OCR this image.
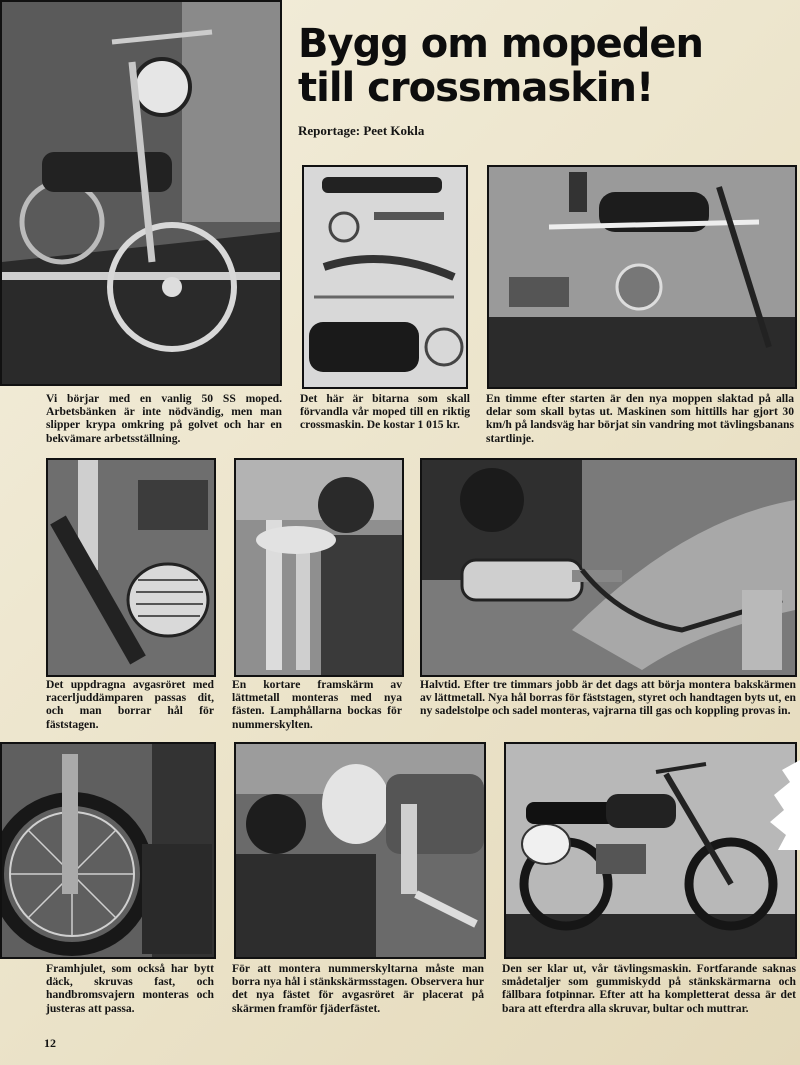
Bygg om mopeden
till crossmaskin!
Reportage: Peet Kokla

Vi börjar med en vanlig 50 SS moped. Arbetsbänken är inte nödvändig, men man slipper krypa omkring på golvet och har en bekvämare arbetsställning.

Det här är bitarna som skall förvandla vår moped till en riktig crossmaskin. De kostar 1 015 kr.

En timme efter starten är den nya moppen slaktad på alla delar som skall bytas ut. Maskinen som hittills har gjort 30 km/h på landsväg har börjat sin vandring mot tävlingsbanans startlinje.

Det uppdragna avgasröret med racerljuddämparen passas dit, och man borrar hål för fäststagen.

En kortare framskärm av lättmetall monteras med nya fästen. Lamphållarna bockas för nummerskylten.

Halvtid. Efter tre timmars jobb är det dags att börja montera bakskärmen av lättmetall. Nya hål borras för fäststagen, styret och handtagen byts ut, en ny sadelstolpe och sadel monteras, vajrarna till gas och koppling provas in.

Framhjulet, som också har bytt däck, skruvas fast, och handbromsvajern monteras och justeras att passa.

För att montera nummerskyltarna måste man borra nya hål i stänkskärmsstagen. Observera hur det nya fästet för avgasröret är placerat på skärmen framför fjäderfästet.

Den ser klar ut, vår tävlingsmaskin. Fortfarande saknas smådetaljer som gummiskydd på stänkskärmarna och fällbara fotpinnar. Efter att ha kompletterat dessa är det bara att efterdra alla skruvar, bultar och muttrar.

12
